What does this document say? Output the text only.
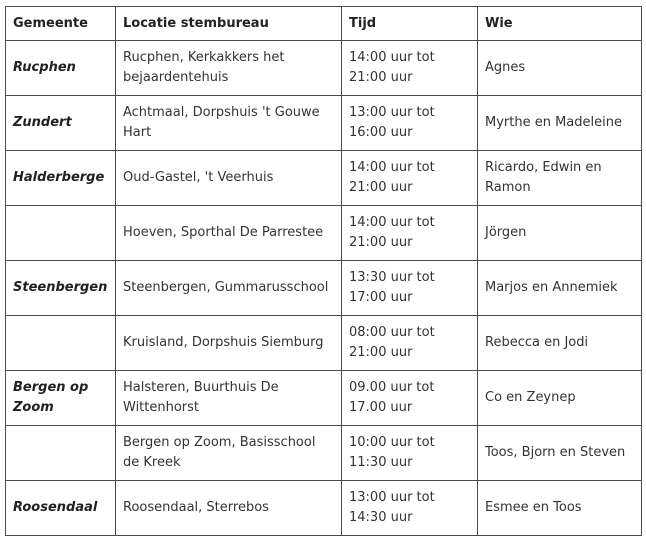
Gemeente	Locatie stembureau	Tijd	Wie
Rucphen	Rucphen, Kerkakkers het bejaardentehuis	14:00 uur tot 21:00 uur	Agnes
Zundert	Achtmaal, Dorpshuis 't Gouwe Hart	13:00 uur tot 16:00 uur	Myrthe en Madeleine
Halderberge	Oud-Gastel, 't Veerhuis	14:00 uur tot 21:00 uur	Ricardo, Edwin en Ramon
	Hoeven, Sporthal De Parrestee	14:00 uur tot 21:00 uur	Jörgen
Steenbergen	Steenbergen, Gummarusschool	13:30 uur tot 17:00 uur	Marjos en Annemiek
	Kruisland, Dorpshuis Siemburg	08:00 uur tot 21:00 uur	Rebecca en Jodi
Bergen op Zoom	Halsteren, Buurthuis De Wittenhorst	09.00 uur tot 17.00 uur	Co en Zeynep
	Bergen op Zoom, Basisschool de Kreek	10:00 uur tot 11:30 uur	Toos, Bjorn en Steven
Roosendaal	Roosendaal, Sterrebos	13:00 uur tot 14:30 uur	Esmee en Toos
